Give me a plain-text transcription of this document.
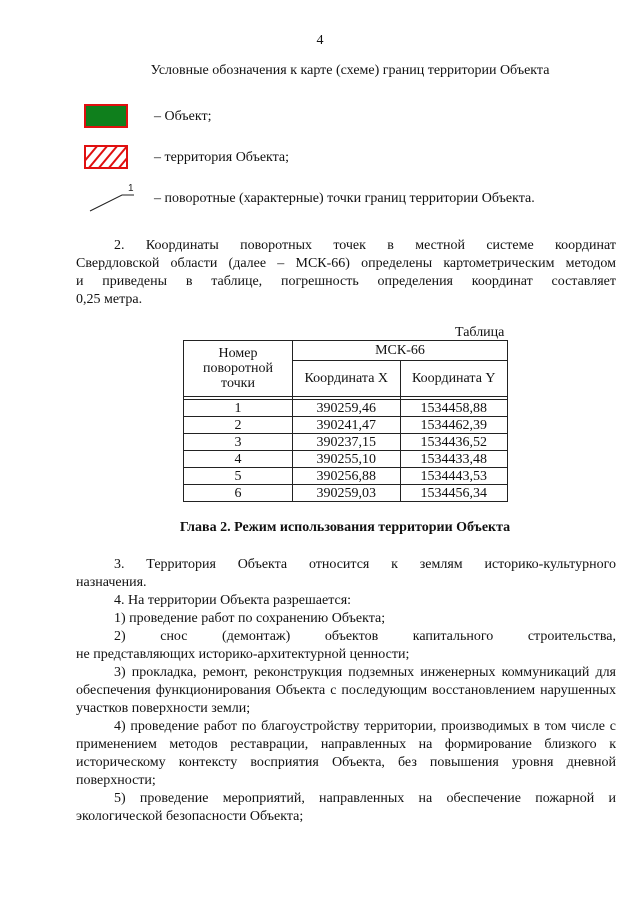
4
Условные обозначения к карте (схеме) границ территории Объекта
– Объект;
– территория Объекта;
1
– поворотные (характерные) точки границ территории Объекта.
2. Координаты поворотных точек в местной системе координат
Свердловской области (далее – МСК-66) определены картометрическим методом
и приведены в таблице, погрешность определения координат составляет
0,25 метра.
Таблица
Номер поворотной точки	МСК-66	
	Координата X	Координата Y

1	390259,46	1534458,88
2	390241,47	1534462,39
3	390237,15	1534436,52
4	390255,10	1534433,48
5	390256,88	1534443,53
6	390259,03	1534456,34
Глава 2. Режим использования территории Объекта

3. Территория Объекта относится к землям историко-культурного

назначения.

4. На территории Объекта разрешается:

1) проведение работ по сохранению Объекта;

2) снос (демонтаж) объектов капитального строительства,

не представляющих историко-архитектурной ценности;

3) прокладка, ремонт, реконструкция подземных инженерных коммуникаций для обеспечения функционирования Объекта с последующим восстановлением нарушенных участков поверхности земли;

4) проведение работ по благоустройству территории, производимых в том числе с применением методов реставрации, направленных на формирование близкого к историческому контексту восприятия Объекта, без повышения уровня дневной поверхности;

5) проведение мероприятий, направленных на обеспечение пожарной и экологической безопасности Объекта;
